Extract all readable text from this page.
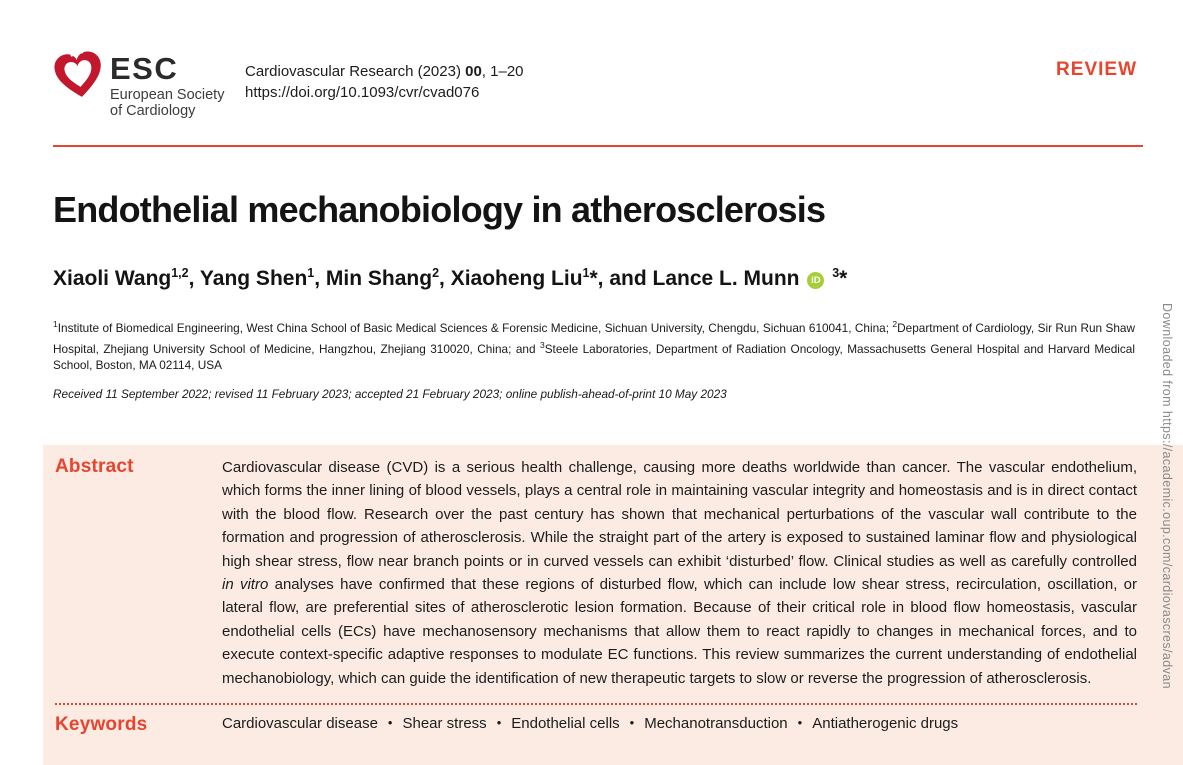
ESC
European Society
of Cardiology
Cardiovascular Research (2023) 00, 1–20
https://doi.org/10.1093/cvr/cvad076
REVIEW
Endothelial mechanobiology in atherosclerosis
Xiaoli Wang$^{1,2}$, Yang Shen$^1$, Min Shang$^2$, Xiaoheng Liu$^1$*, and Lance L. Munn iD $^3$*

$^1$Institute of Biomedical Engineering, West China School of Basic Medical Sciences & Forensic Medicine, Sichuan University, Chengdu, Sichuan 610041, China; $^2$Department of Cardiology, Sir Run Run Shaw Hospital, Zhejiang University School of Medicine, Hangzhou, Zhejiang 310020, China; and $^3$Steele Laboratories, Department of Radiation Oncology, Massachusetts General Hospital and Harvard Medical School, Boston, MA 02114, USA

Received 11 September 2022; revised 11 February 2023; accepted 21 February 2023; online publish-ahead-of-print 10 May 2023
Abstract	Cardiovascular disease (CVD) is a serious health challenge, causing more deaths worldwide than cancer. The vascular endothelium, which forms the inner lining of blood vessels, plays a central role in maintaining vascular integrity and homeostasis and is in direct contact with the blood flow. Research over the past century has shown that mechanical perturbations of the vascular wall contribute to the formation and progression of atherosclerosis. While the straight part of the artery is exposed to sustained laminar flow and physiological high shear stress, flow near branch points or in curved vessels can exhibit ‘disturbed’ flow. Clinical studies as well as carefully controlled in vitro analyses have confirmed that these regions of disturbed flow, which can include low shear stress, recirculation, oscillation, or lateral flow, are preferential sites of atherosclerotic lesion formation. Because of their critical role in blood flow homeostasis, vascular endothelial cells (ECs) have mechanosensory mechanisms that allow them to react rapidly to changes in mechanical forces, and to execute context-specific adaptive responses to modulate EC functions. This review summarizes the current understanding of endothelial mechanobiology, which can guide the identification of new therapeutic targets to slow or reverse the progression of atherosclerosis.
Keywords	Cardiovascular disease • Shear stress • Endothelial cells • Mechanotransduction • Antiatherogenic drugs
Downloaded from https://academic.oup.com/cardiovascres/advan
